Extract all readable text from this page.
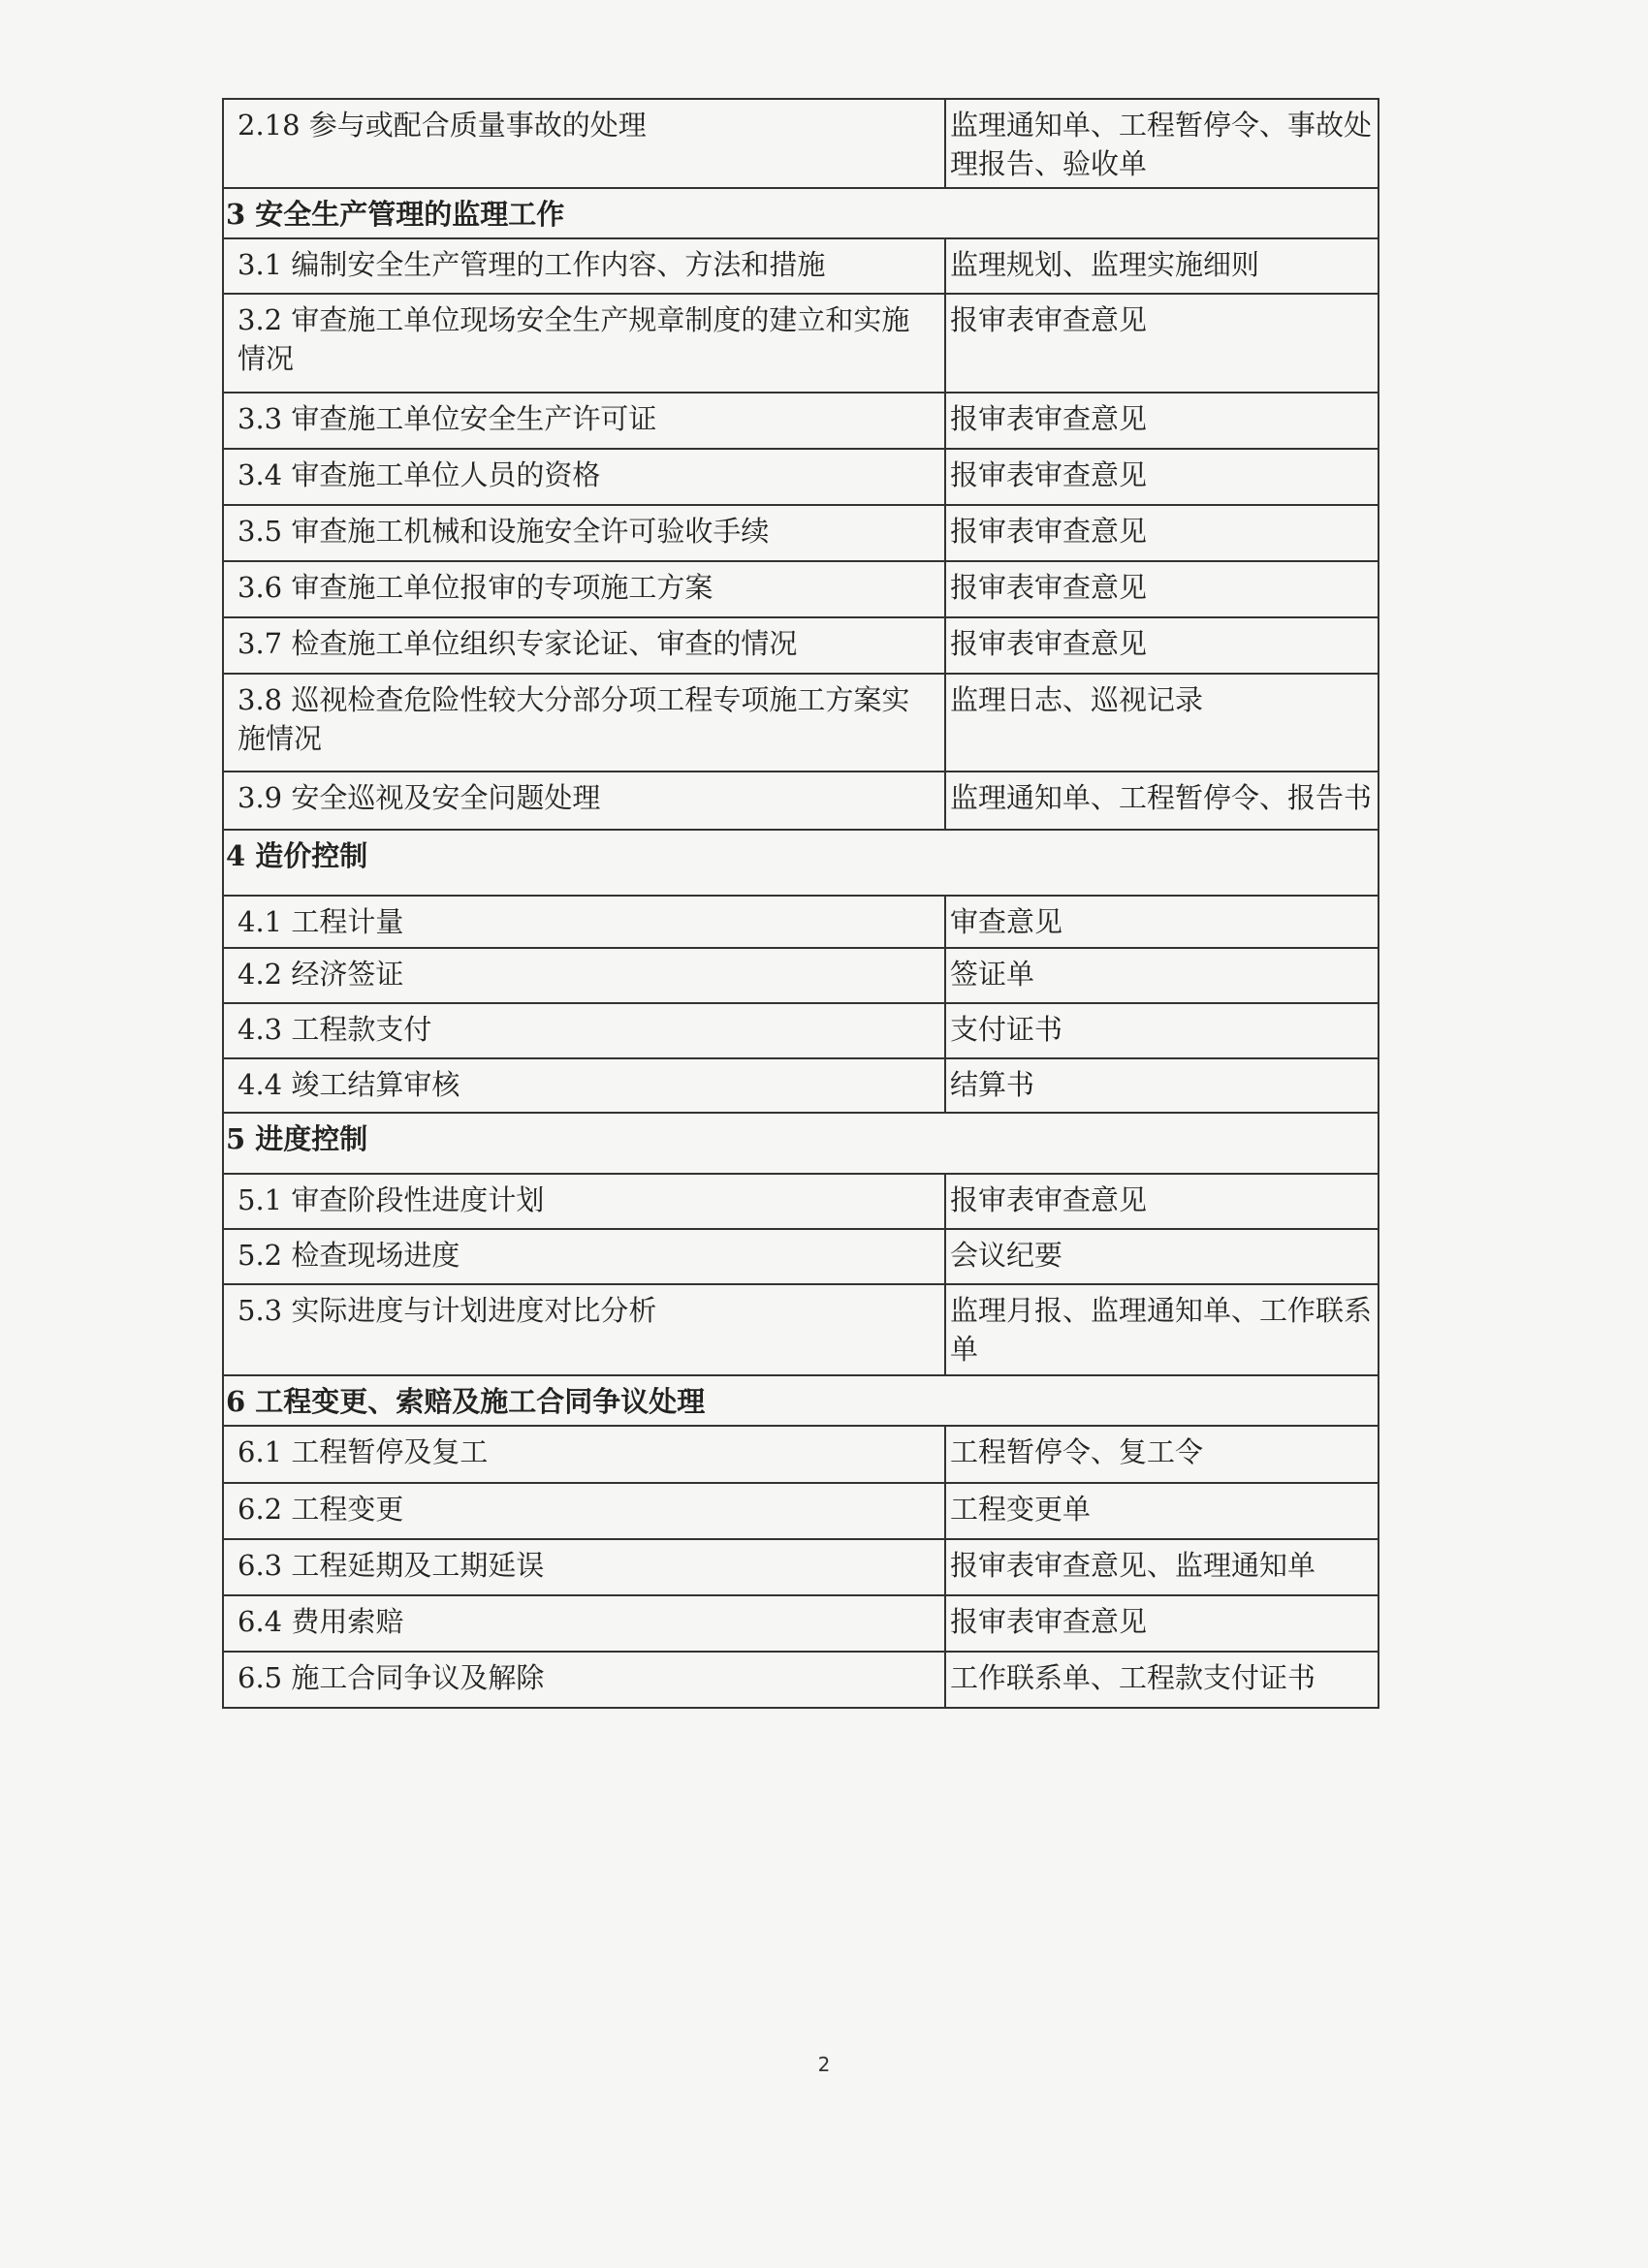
2.18 参与或配合质量事故的处理	监理通知单、工程暂停令、事故处理报告、验收单
3 安全生产管理的监理工作	
3.1 编制安全生产管理的工作内容、方法和措施	监理规划、监理实施细则
3.2 审查施工单位现场安全生产规章制度的建立和实施情况	报审表审查意见
3.3 审查施工单位安全生产许可证	报审表审查意见
3.4 审查施工单位人员的资格	报审表审查意见
3.5 审查施工机械和设施安全许可验收手续	报审表审查意见
3.6 审查施工单位报审的专项施工方案	报审表审查意见
3.7 检查施工单位组织专家论证、审查的情况	报审表审查意见
3.8 巡视检查危险性较大分部分项工程专项施工方案实施情况	监理日志、巡视记录
3.9 安全巡视及安全问题处理	监理通知单、工程暂停令、报告书
4 造价控制	
4.1 工程计量	审查意见
4.2 经济签证	签证单
4.3 工程款支付	支付证书
4.4 竣工结算审核	结算书
5 进度控制	
5.1 审查阶段性进度计划	报审表审查意见
5.2 检查现场进度	会议纪要
5.3 实际进度与计划进度对比分析	监理月报、监理通知单、工作联系单
6 工程变更、索赔及施工合同争议处理	
6.1 工程暂停及复工	工程暂停令、复工令
6.2 工程变更	工程变更单
6.3 工程延期及工期延误	报审表审查意见、监理通知单
6.4 费用索赔	报审表审查意见
6.5 施工合同争议及解除	工作联系单、工程款支付证书
2
